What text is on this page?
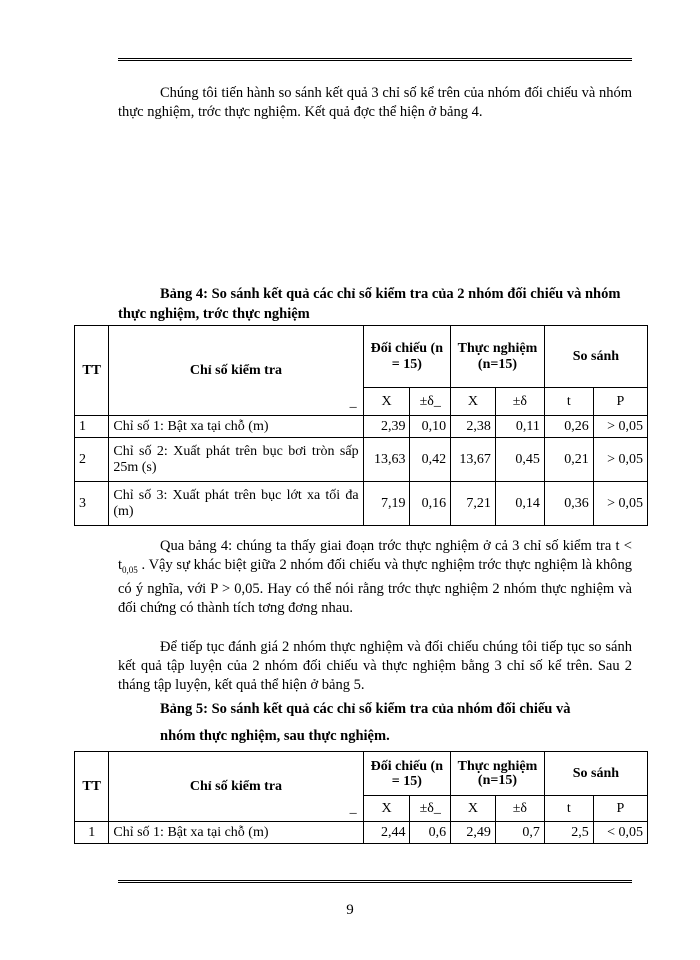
Chúng tôi tiến hành so sánh kết quả 3 chỉ số kể trên của nhóm đối chiếu và nhóm thực nghiệm, trớc thực nghiệm. Kết quả đợc thể hiện ở bảng 4.

Bảng 4: So sánh kết quả các chỉ số kiểm tra của 2 nhóm đối chiếu và nhóm thực nghiệm, trớc thực nghiệm

TT	Chỉ số kiểm tra
_	Đối chiếu (n = 15)		Thực nghiệm (n=15)		So sánh	
		X	±δ_	X	±δ	t	P
1	Chỉ số 1: Bật xa tại chỗ (m)	2,39	0,10	2,38	0,11	0,26	> 0,05
2	Chỉ số 2: Xuất phát trên bục bơi tròn sấp 25m (s)	13,63	0,42	13,67	0,45	0,21	> 0,05
3	Chỉ số 3: Xuất phát trên bục lớt xa tối đa (m)	7,19	0,16	7,21	0,14	0,36	> 0,05

Qua bảng 4: chúng ta thấy giai đoạn trớc thực nghiệm ở cả 3 chỉ số kiểm tra $t < t_{0,05}$ . Vậy sự khác biệt giữa 2 nhóm đối chiếu và thực nghiệm trớc thực nghiệm là không có ý nghĩa, với P > 0,05. Hay có thể nói rằng trớc thực nghiệm 2 nhóm thực nghiệm và đối chứng có thành tích tơng đơng nhau.

Để tiếp tục đánh giá 2 nhóm thực nghiệm và đối chiếu chúng tôi tiếp tục so sánh kết quả tập luyện của 2 nhóm đối chiếu và thực nghiệm bằng 3 chỉ số kể trên. Sau 2 tháng tập luyện, kết quả thể hiện ở bảng 5.

Bảng 5: So sánh kết quả các chỉ số kiểm tra của nhóm đối chiếu và

nhóm thực nghiệm, sau thực nghiệm.

TT	Chỉ số kiểm tra
_	Đối chiếu (n = 15)		Thực nghiệm (n=15)		So sánh	
		X	±δ_	X	±δ	t	P
1	Chỉ số 1: Bật xa tại chỗ (m)	2,44	0,6	2,49	0,7	2,5	< 0,05
9
